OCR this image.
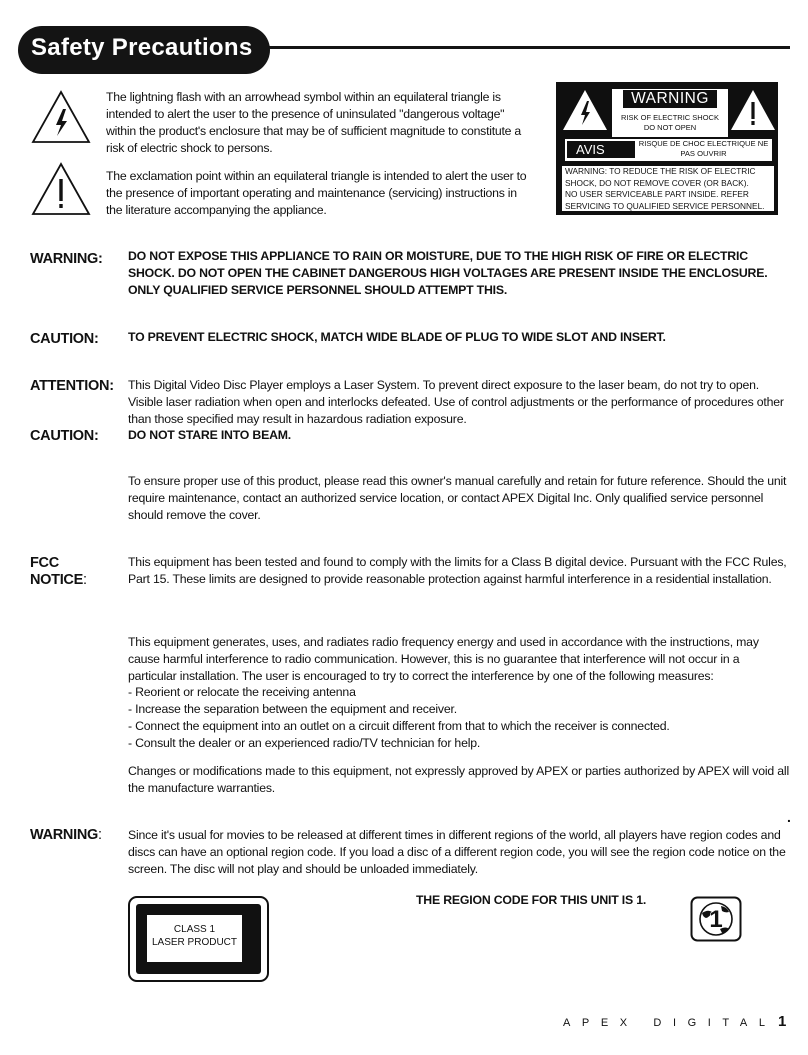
Safety Precautions
The lightning flash with an arrowhead symbol within an equilateral triangle is intended to alert the user to the presence of uninsulated "dangerous voltage" within the product's enclosure that may be of sufficient magnitude to constitute a risk of electric shock to persons.
The exclamation point within an equilateral triangle is intended to alert the user to the presence of important operating and maintenance (servicing) instructions in the literature accompanying the appliance.
WARNING
RISK OF ELECTRIC SHOCK
DO NOT OPEN
AVIS	RISQUE DE CHOC ELECTRIQUE NE PAS OUVRIR
WARNING: TO REDUCE THE RISK OF ELECTRIC
SHOCK, DO NOT REMOVE COVER (OR BACK).
NO USER SERVICEABLE PART INSIDE. REFER
SERVICING TO QUALIFIED SERVICE PERSONNEL.
WARNING: DO NOT EXPOSE THIS APPLIANCE TO RAIN OR MOISTURE, DUE TO THE HIGH RISK OF FIRE OR ELECTRIC SHOCK. DO NOT OPEN THE CABINET DANGEROUS HIGH VOLTAGES ARE PRESENT INSIDE THE ENCLOSURE. ONLY QUALIFIED SERVICE PERSONNEL SHOULD ATTEMPT THIS.
CAUTION: TO PREVENT ELECTRIC SHOCK, MATCH WIDE BLADE OF PLUG TO WIDE SLOT AND INSERT.
ATTENTION: This Digital Video Disc Player employs a Laser System. To prevent direct exposure to the laser beam, do not try to open. Visible laser radiation when open and interlocks defeated. Use of control adjustments or the performance of procedures other than those specified may result in hazardous radiation exposure.
CAUTION: DO NOT STARE INTO BEAM.
To ensure proper use of this product, please read this owner's manual carefully and retain for future reference. Should the unit require maintenance, contact an authorized service location, or contact APEX Digital Inc. Only qualified service personnel should remove the cover.
FCC
NOTICE:
This equipment has been tested and found to comply with the limits for a Class B digital device. Pursuant with the FCC Rules, Part 15. These limits are designed to provide reasonable protection against harmful interference in a residential installation.
This equipment generates, uses, and radiates radio frequency energy and used in accordance with the instructions, may cause harmful interference to radio communication. However, this is no guarantee that interference will not occur in a particular installation. The user is encouraged to try to correct the interference by one of the following measures:
- Reorient or relocate the receiving antenna
- Increase the separation between the equipment and receiver.
- Connect the equipment into an outlet on a circuit different from that to which the receiver is connected.
- Consult the dealer or an experienced radio/TV technician for help.
Changes or modifications made to this equipment, not expressly approved by APEX or parties authorized by APEX will void all the manufacture warranties.
.
WARNING: Since it's usual for movies to be released at different times in different regions of the world, all players have region codes and discs can have an optional region code. If you load a disc of a different region code, you will see the region code notice on the screen. The disc will not play and should be unloaded immediately.
CLASS 1
LASER PRODUCT
THE REGION CODE FOR THIS UNIT IS 1.
1
APEX DIGITAL 1
